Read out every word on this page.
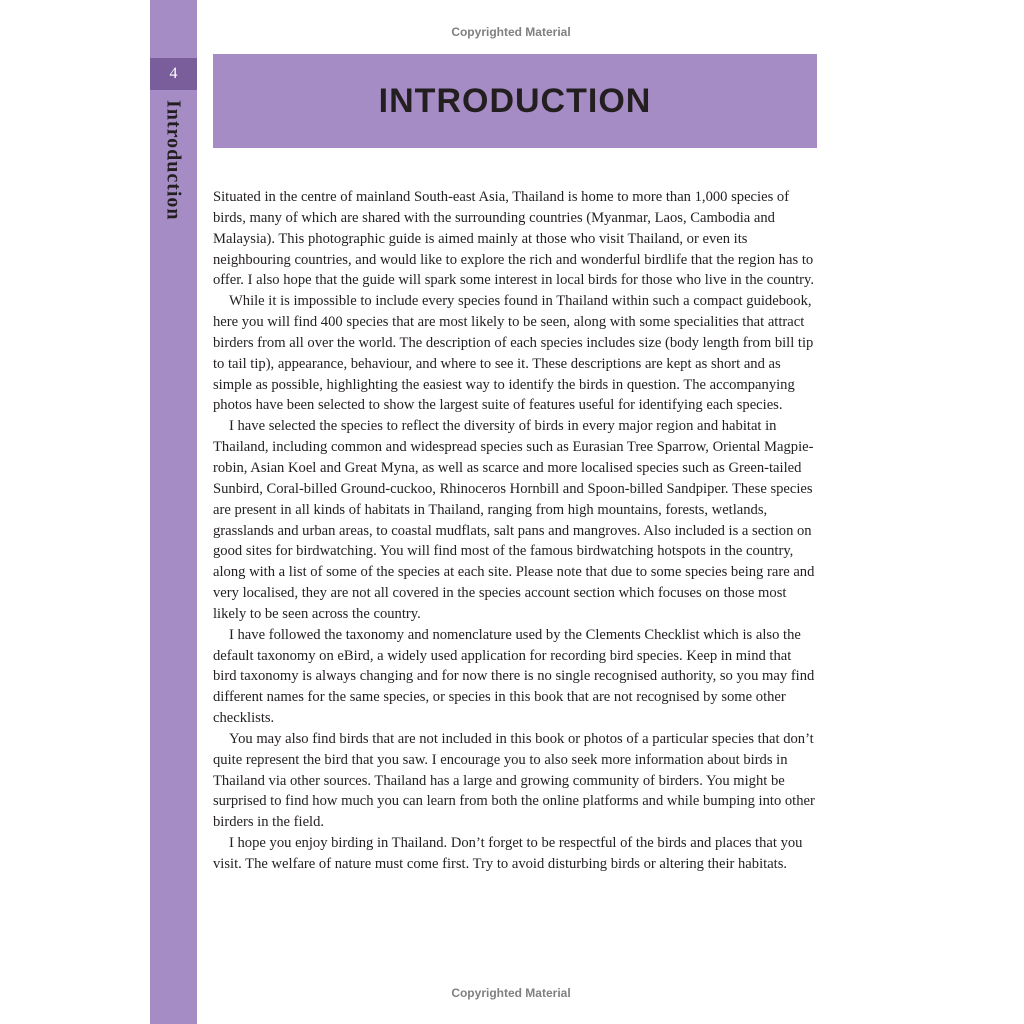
4
Introduction
Copyrighted Material
INTRODUCTION

Situated in the centre of mainland South-east Asia, Thailand is home to more than 1,000 species of birds, many of which are shared with the surrounding countries (Myanmar, Laos, Cambodia and Malaysia). This photographic guide is aimed mainly at those who visit Thailand, or even its neighbouring countries, and would like to explore the rich and wonderful birdlife that the region has to offer. I also hope that the guide will spark some interest in local birds for those who live in the country.

While it is impossible to include every species found in Thailand within such a compact guidebook, here you will find 400 species that are most likely to be seen, along with some specialities that attract birders from all over the world. The description of each species includes size (body length from bill tip to tail tip), appearance, behaviour, and where to see it. These descriptions are kept as short and as simple as possible, highlighting the easiest way to identify the birds in question. The accompanying photos have been selected to show the largest suite of features useful for identifying each species.

I have selected the species to reflect the diversity of birds in every major region and habitat in Thailand, including common and widespread species such as Eurasian Tree Sparrow, Oriental Magpie-robin, Asian Koel and Great Myna, as well as scarce and more localised species such as Green-tailed Sunbird, Coral-billed Ground-cuckoo, Rhinoceros Hornbill and Spoon-billed Sandpiper. These species are present in all kinds of habitats in Thailand, ranging from high mountains, forests, wetlands, grasslands and urban areas, to coastal mudflats, salt pans and mangroves. Also included is a section on good sites for birdwatching. You will find most of the famous birdwatching hotspots in the country, along with a list of some of the species at each site. Please note that due to some species being rare and very localised, they are not all covered in the species account section which focuses on those most likely to be seen across the country.

I have followed the taxonomy and nomenclature used by the Clements Checklist which is also the default taxonomy on eBird, a widely used application for recording bird species. Keep in mind that bird taxonomy is always changing and for now there is no single recognised authority, so you may find different names for the same species, or species in this book that are not recognised by some other checklists.

You may also find birds that are not included in this book or photos of a particular species that don’t quite represent the bird that you saw. I encourage you to also seek more information about birds in Thailand via other sources. Thailand has a large and growing community of birders. You might be surprised to find how much you can learn from both the online platforms and while bumping into other birders in the field.

I hope you enjoy birding in Thailand. Don’t forget to be respectful of the birds and places that you visit. The welfare of nature must come first. Try to avoid disturbing birds or altering their habitats.

Copyrighted Material
